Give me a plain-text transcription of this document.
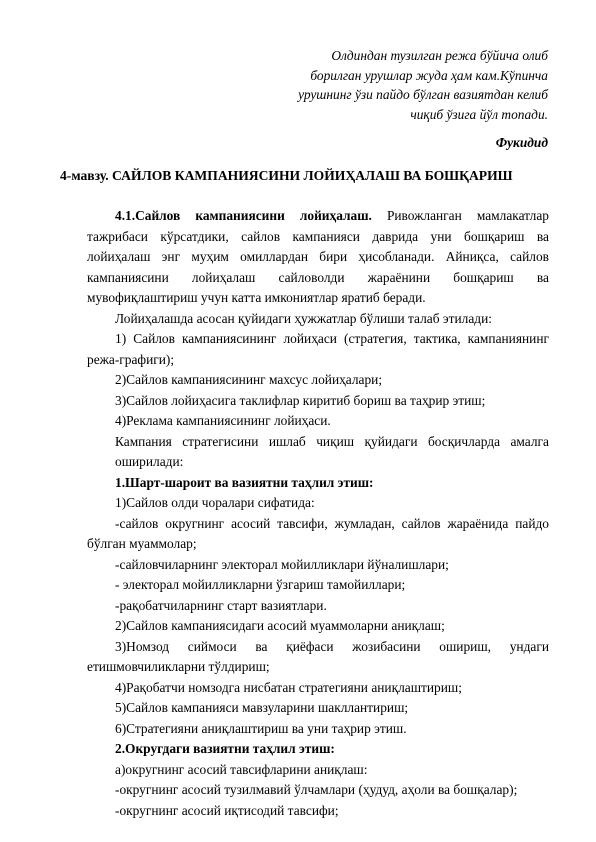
Олдиндан тузилган режа бўйича олиб
борилган урушлар жуда ҳам кам.Кўпинча
урушнинг ўзи пайдо бўлган вазиятдан келиб
чиқиб ўзига йўл топади.
Фукидид
4-мавзу. САЙЛОВ КАМПАНИЯСИНИ ЛОЙИҲАЛАШ ВА БОШҚАРИШ

4.1.Сайлов кампаниясини лойиҳалаш. Ривожланган мамлакатлар тажрибаси кўрсатдики, сайлов кампанияси даврида уни бошқариш ва лойиҳалаш энг муҳим омиллардан бири ҳисобланади. Айниқса, сайлов кампаниясини лойиҳалаш сайловолди жараёнини бошқариш ва мувофиқлаштириш учун катта имкониятлар яратиб беради.

Лойиҳалашда асосан қуйидаги ҳужжатлар бўлиши талаб этилади:

1) Сайлов кампаниясининг лойиҳаси (стратегия, тактика, кампаниянинг режа-графиги);

2)Сайлов кампаниясининг махсус лойиҳалари;

3)Сайлов лойиҳасига таклифлар киритиб бориш ва таҳрир этиш;

4)Реклама кампаниясининг лойиҳаси.

Кампания стратегисини ишлаб чиқиш қуйидаги босқичларда амалга оширилади:

1.Шарт-шароит ва вазиятни таҳлил этиш:

1)Сайлов олди чоралари сифатида:

-сайлов округнинг асосий тавсифи, жумладан, сайлов жараёнида пайдо бўлган муаммолар;

-сайловчиларнинг электорал мойилликлари йўналишлари;

- электорал мойилликларни ўзгариш тамойиллари;

-рақобатчиларнинг старт вазиятлари.

2)Сайлов кампаниясидаги асосий муаммоларни аниқлаш;

3)Номзод сиймоси ва қиёфаси жозибасини ошириш, ундаги етишмовчиликларни тўлдириш;

4)Рақобатчи номзодга нисбатан стратегияни аниқлаштириш;

5)Сайлов кампанияси мавзуларини шакллантириш;

6)Стратегияни аниқлаштириш ва уни таҳрир этиш.

2.Округдаги вазиятни таҳлил этиш:

а)округнинг асосий тавсифларини аниқлаш:

-округнинг асосий тузилмавий ўлчамлари (ҳудуд, аҳоли ва бошқалар);

-округнинг асосий иқтисодий тавсифи;
